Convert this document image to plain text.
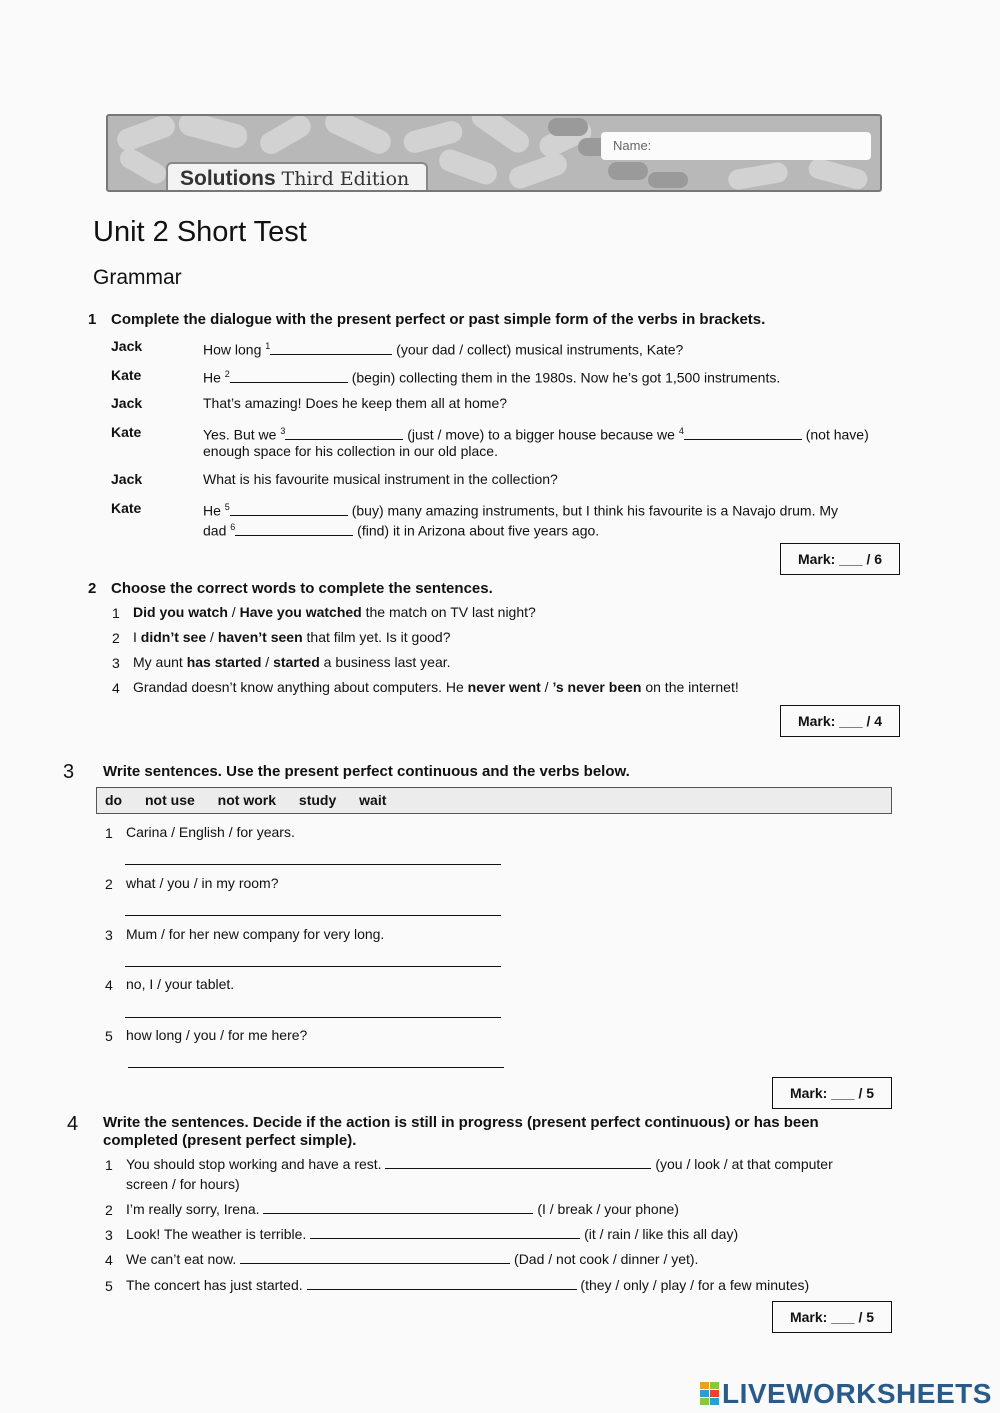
Name:
Solutions Third Edition
Unit 2 Short Test
Grammar
1 Complete the dialogue with the present perfect or past simple form of the verbs in brackets.
Jack	How long $^1$	(your dad / collect) musical instruments, Kate?
Kate	He $^2$	(begin) collecting them in the 1980s. Now he’s got 1,500 instruments.
Jack	That’s amazing! Does he keep them all at home?
Kate	Yes. But we $^3$	(just / move) to a bigger house because we $^4$	(not have)
enough space for his collection in our old place.
Jack	What is his favourite musical instrument in the collection?
Kate	He $^5$	(buy) many amazing instruments, but I think his favourite is a Navajo drum. My
dad $^6$	(find) it in Arizona about five years ago.
Mark: ___ / 6
2 Choose the correct words to complete the sentences.
1 Did you watch / Have you watched the match on TV last night?
2 I didn’t see / haven’t seen that film yet. Is it good?
3 My aunt has started / started a business last year.
4 Grandad doesn’t know anything about computers. He never went / ’s never been on the internet!
Mark: ___ / 4
3 Write sentences. Use the present perfect continuous and the verbs below.
do not use not work study wait
1 Carina / English / for years.
2 what / you / in my room?
3 Mum / for her new company for very long.
4 no, I / your tablet.
5 how long / you / for me here?
Mark: ___ / 5
4 Write the sentences. Decide if the action is still in progress (present perfect continuous) or has been
completed (present perfect simple).
1 You should stop working and have a rest.	(you / look / at that computer
screen / for hours)
2 I’m really sorry, Irena.	(I / break / your phone)
3 Look! The weather is terrible.	(it / rain / like this all day)
4 We can’t eat now.	(Dad / not cook / dinner / yet).
5 The concert has just started.	(they / only / play / for a few minutes)
Mark: ___ / 5
LIVEWORKSHEETS
